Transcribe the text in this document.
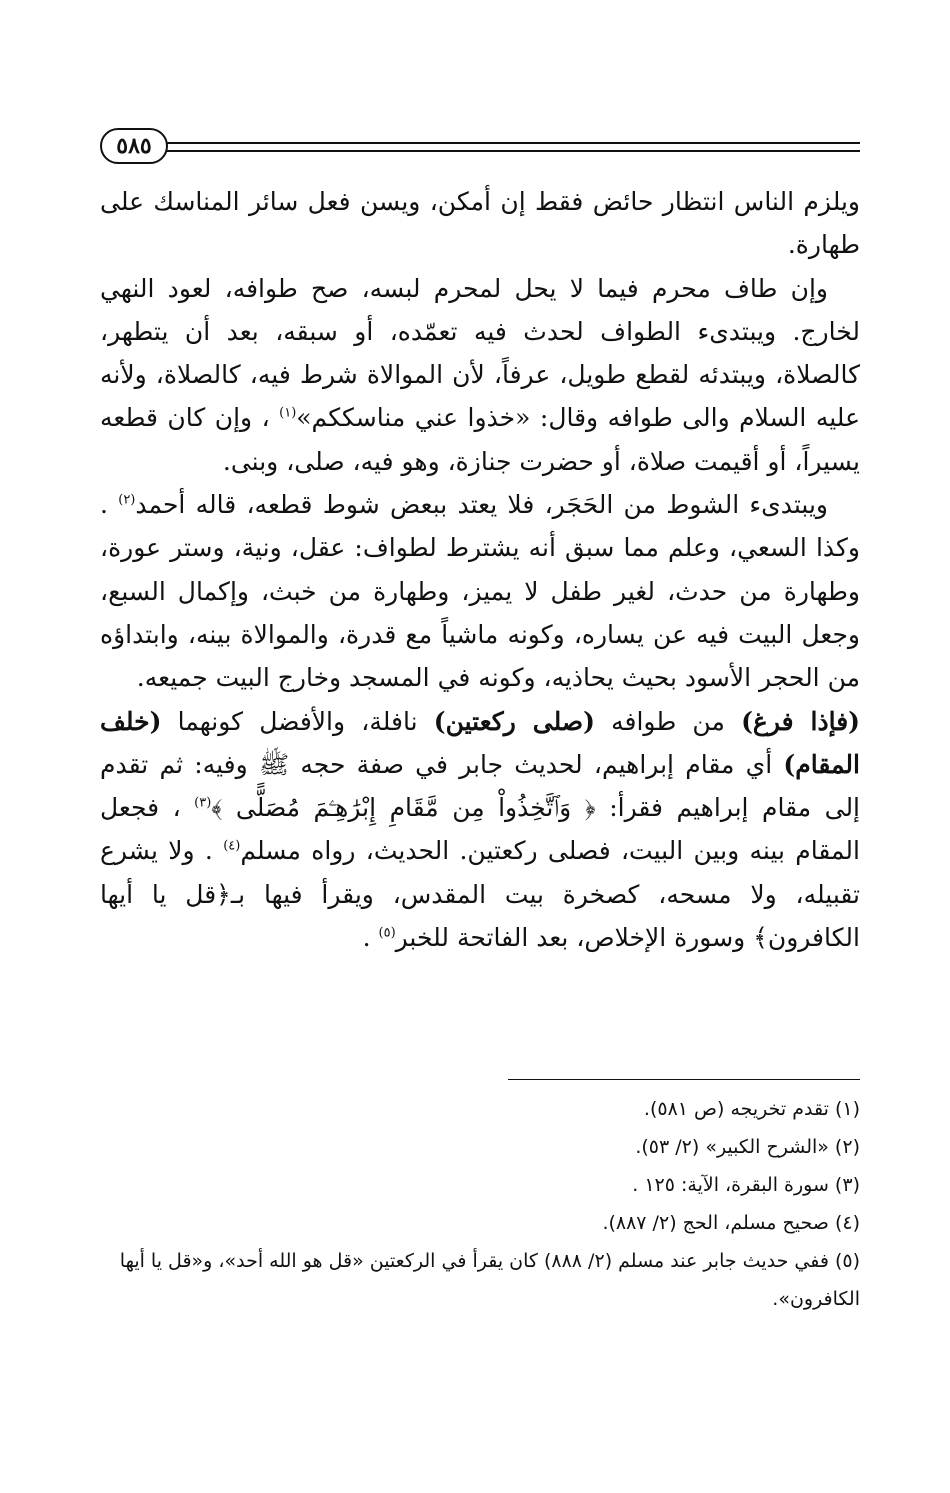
٥٨٥

ويلزم الناس انتظار حائض فقط إن أمكن، ويسن فعل سائر المناسك على طهارة.

وإن طاف محرم فيما لا يحل لمحرم لبسه، صح طوافه، لعود النهي لخارج. ويبتدىء الطواف لحدث فيه تعمّده، أو سبقه، بعد أن يتطهر، كالصلاة، ويبتدئه لقطع طويل، عرفاً، لأن الموالاة شرط فيه، كالصلاة، ولأنه عليه السلام والى طوافه وقال: «خذوا عني مناسككم»$^{(١)}$ ، وإن كان قطعه يسيراً، أو أقيمت صلاة، أو حضرت جنازة، وهو فيه، صلى، وبنى.

ويبتدىء الشوط من الحَجَر، فلا يعتد ببعض شوط قطعه، قاله أحمد$^{(٢)}$ . وكذا السعي، وعلم مما سبق أنه يشترط لطواف: عقل، ونية، وستر عورة، وطهارة من حدث، لغير طفل لا يميز، وطهارة من خبث، وإكمال السبع، وجعل البيت فيه عن يساره، وكونه ماشياً مع قدرة، والموالاة بينه، وابتداؤه من الحجر الأسود بحيث يحاذيه، وكونه في المسجد وخارج البيت جميعه.

(فإذا فرغ) من طوافه (صلى ركعتين) نافلة، والأفضل كونهما (خلف المقام) أي مقام إبراهيم، لحديث جابر في صفة حجه ﷺ وفيه: ثم تقدم إلى مقام إبراهيم فقرأ: ﴿ وَٱتَّخِذُواْ مِن مَّقَامِ إِبْرَٰهِـۧمَ مُصَلًّى ﴾$^{(٣)}$ ، فجعل المقام بينه وبين البيت، فصلى ركعتين. الحديث، رواه مسلم$^{(٤)}$ . ولا يشرع تقبيله، ولا مسحه، كصخرة بيت المقدس، ويقرأ فيها بـ﴿قل يا أيها الكافرون﴾ وسورة الإخلاص، بعد الفاتحة للخبر$^{(٥)}$ .

(١) تقدم تخريجه (ص ٥٨١).

(٢) «الشرح الكبير» (٢/ ٥٣).

(٣) سورة البقرة، الآية: ١٢٥ .

(٤) صحيح مسلم، الحج (٢/ ٨٨٧).

(٥) ففي حديث جابر عند مسلم (٢/ ٨٨٨) كان يقرأ في الركعتين «قل هو الله أحد»، و«قل يا أيها الكافرون».
